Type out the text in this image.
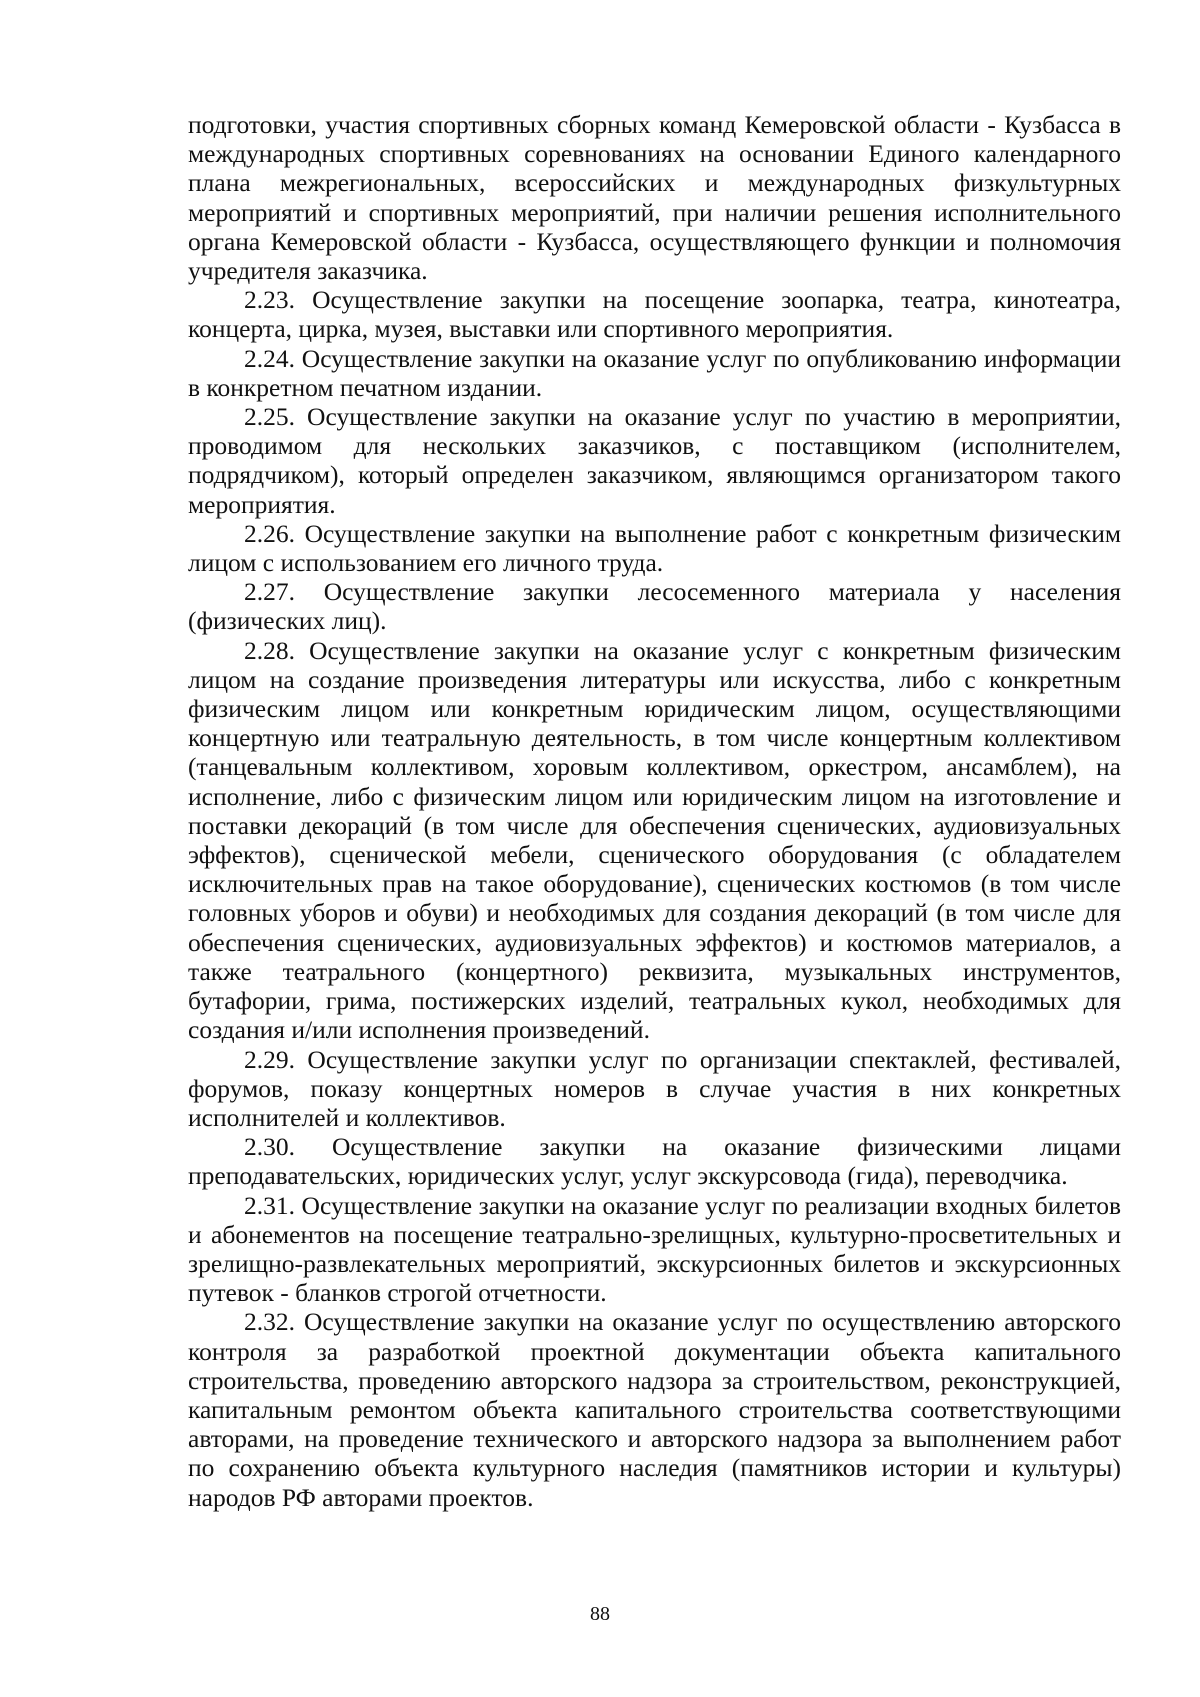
подготовки, участия спортивных сборных команд Кемеровской области - Кузбасса в международных спортивных соревнованиях на основании Единого календарного плана межрегиональных, всероссийских и международных физкультурных мероприятий и спортивных мероприятий, при наличии решения исполнительного органа Кемеровской области - Кузбасса, осуществляющего функции и полномочия учредителя заказчика.

2.23. Осуществление закупки на посещение зоопарка, театра, кинотеатра, концерта, цирка, музея, выставки или спортивного мероприятия.

2.24. Осуществление закупки на оказание услуг по опубликованию информации в конкретном печатном издании.

2.25. Осуществление закупки на оказание услуг по участию в мероприятии, проводимом для нескольких заказчиков, с поставщиком (исполнителем, подрядчиком), который определен заказчиком, являющимся организатором такого мероприятия.

2.26. Осуществление закупки на выполнение работ с конкретным физическим лицом с использованием его личного труда.

2.27. Осуществление закупки лесосеменного материала у населения (физических лиц).

2.28. Осуществление закупки на оказание услуг с конкретным физическим лицом на создание произведения литературы или искусства, либо с конкретным физическим лицом или конкретным юридическим лицом, осуществляющими концертную или театральную деятельность, в том числе концертным коллективом (танцевальным коллективом, хоровым коллективом, оркестром, ансамблем), на исполнение, либо с физическим лицом или юридическим лицом на изготовление и поставки декораций (в том числе для обеспечения сценических, аудиовизуальных эффектов), сценической мебели, сценического оборудования (с обладателем исключительных прав на такое оборудование), сценических костюмов (в том числе головных уборов и обуви) и необходимых для создания декораций (в том числе для обеспечения сценических, аудиовизуальных эффектов) и костюмов материалов, а также театрального (концертного) реквизита, музыкальных инструментов, бутафории, грима, постижерских изделий, театральных кукол, необходимых для создания и/или исполнения произведений.

2.29. Осуществление закупки услуг по организации спектаклей, фестивалей, форумов, показу концертных номеров в случае участия в них конкретных исполнителей и коллективов.

2.30. Осуществление закупки на оказание физическими лицами преподавательских, юридических услуг, услуг экскурсовода (гида), переводчика.

2.31. Осуществление закупки на оказание услуг по реализации входных билетов и абонементов на посещение театрально-зрелищных, культурно-просветительных и зрелищно-развлекательных мероприятий, экскурсионных билетов и экскурсионных путевок - бланков строгой отчетности.

2.32. Осуществление закупки на оказание услуг по осуществлению авторского контроля за разработкой проектной документации объекта капитального строительства, проведению авторского надзора за строительством, реконструкцией, капитальным ремонтом объекта капитального строительства соответствующими авторами, на проведение технического и авторского надзора за выполнением работ по сохранению объекта культурного наследия (памятников истории и культуры) народов РФ авторами проектов.

88
